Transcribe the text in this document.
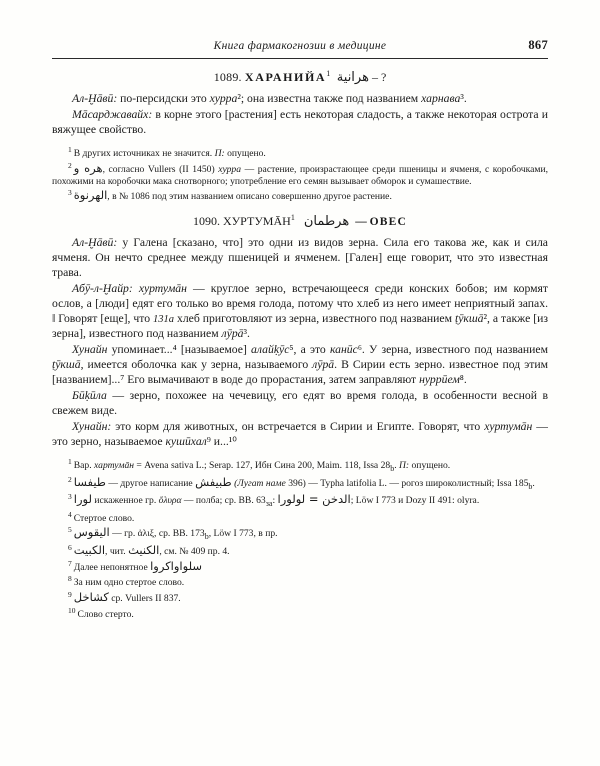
Книга фармакогнозии в медицине	867
1089. ХАРАНИЙА$^1$ هرانية – ?

Ал-Ḫāвӣ: по-персидски это хурра²; она известна также под названием харнава³.

Мāсарджавайх: в корне этого [растения] есть некоторая сладость, а также некоторая острота и вяжущее свойство.

$^1$ В других источниках не значится. П: опущено.

$^2$ هره و, согласно Vullers (II 1450) хурра — растение, произрастающее среди пшеницы и ячменя, с коробочками, похожими на коробочки мака снотворного; употребление его семян вызывает обморок и сумашествие.

$^3$ الهرنوة, в № 1086 под этим названием описано совершенно другое растение.

1090. ХУРТУМĀН$^1$ هرطمان — ОВЕС

Ал-Ḫāвӣ: у Галена [сказано, что] это одни из видов зерна. Сила его такова же, как и сила ячменя. Он нечто среднее между пшеницей и ячменем. [Гален] еще говорит, что это известная трава.

Абӯ-л-Ḫайр: хуртумāн — круглое зерно, встречающееся среди конских бобов; им кормят ослов, а [люди] едят его только во время голода, потому что хлеб из него имеет неприятный запах. ‖ Говорят [еще], что 131a хлеб приготовляют из зерна, известного под названием ṭӯкшā², а также [из зерна], известного под названием лӯрā³.

Хунайн упоминает...⁴ [называемое] алайḳӯс⁵, а это канūс⁶. У зерна, известного под названием ṭӯкшā, имеется оболочка как у зерна, называемого лӯрā. В Сирии есть зерно. известное под этим [названием]...⁷ Его вымачивают в воде до прорастания, затем заправляют нуррūем⁸.

Бūḳūла — зерно, похожее на чечевицу, его едят во время голода, в особенности весной в свежем виде.

Хунайн: это корм для животных, он встречается в Сирии и Египте. Говорят, что хуртумāн — это зерно, называемое кушūхал⁹ и...¹⁰

$^1$ Вар. хартумāн = Avena sativa L.; Serap. 127, Ибн Сина 200, Maim. 118, Issa $28_b$. П: опущено.

$^2$ طيفسا — другое написание طبيفش (Лугат наме 396) — Typha latifolia L. — рогоз широколистный; Issa $185_b$.

$^3$ لورا искаженное гр. ὄλυρα — полба; ср. BB. $63_{за}$: الدخن = لولورا; Löw I 773 и Dozy II 491: olyra.

$^4$ Стертое слово.

$^5$ اليقوس — гр. ἀλιξ, ср. BB. $173_b$, Löw I 773, в пр.

$^6$ الكبيت, чит. الكنيث, см. № 409 пр. 4.

$^7$ Далее непонятное سلواواكروا

$^8$ За ним одно стертое слово.

$^9$ كشاخل ср. Vullers II 837.

$^{10}$ Слово стерто.
